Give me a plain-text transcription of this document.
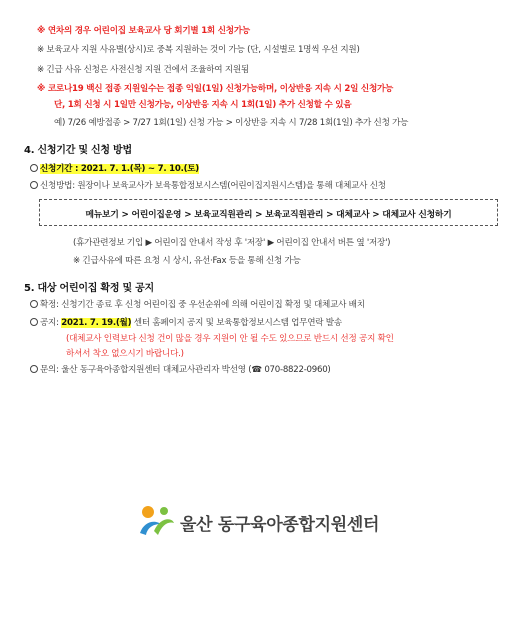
※ 연차의 경우 어린이집 보육교사 당 회기별 1회 신청가능
※ 보육교사 지원 사유별(상시)로 중복 지원하는 것이 가능 (단, 시설별로 1명씩 우선 지원)
※ 긴급 사유 신청은 사전신청 지원 건에서 조율하여 지원됨
※ 코로나19 백신 접종 지원일수는 접종 익일(1일) 신청가능하며, 이상반응 지속 시 2일 신청가능
단, 1회 신청 시 1일만 신청가능, 이상반응 지속 시 1회(1일) 추가 신청할 수 있음
예) 7/26 예방접종 > 7/27 1회(1일) 신청 가능 > 이상반응 지속 시 7/28 1회(1일) 추가 신청 가능
4. 신청기간 및 신청 방법
신청기간 : 2021. 7. 1.(목) ~ 7. 10.(토)
신청방법: 원장이나 보육교사가 보육통합정보시스템(어린이집지원시스템)을 통해 대체교사 신청
메뉴보기 > 어린이집운영 > 보육교직원관리 > 보육교직원관리 > 대체교사 > 대체교사 신청하기
(휴가관련정보 기입 ▶ 어린이집 안내서 작성 후 '저장' ▶ 어린이집 안내서 버튼 옆 '저장')
※ 긴급사유에 따른 요청 시 상시, 유선·Fax 등을 통해 신청 가능
5. 대상 어린이집 확정 및 공지
확정: 신청기간 종료 후 신청 어린이집 중 우선순위에 의해 어린이집 확정 및 대체교사 배치
공지: 2021. 7. 19.(월) 센터 홈페이지 공지 및 보육통합정보시스템 업무연락 발송
(대체교사 인력보다 신청 건이 많을 경우 지원이 안 될 수도 있으므로 반드시 선정 공지 확인
하셔서 착오 없으시기 바랍니다.)
문의: 울산 동구육아종합지원센터 대체교사관리자 박선영 (☎ 070-8822-0960)
울산 동구육아종합지원센터
